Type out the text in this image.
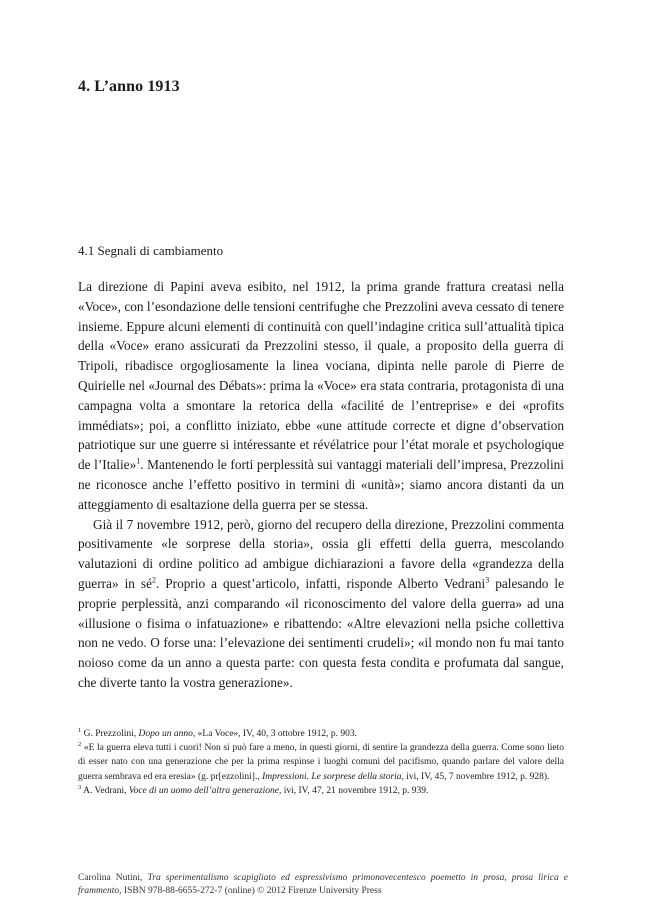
4. L’anno 1913
4.1 Segnali di cambiamento

La direzione di Papini aveva esibito, nel 1912, la prima grande frattura creatasi nella «Voce», con l’esondazione delle tensioni centrifughe che Prezzolini aveva cessato di tenere insieme. Eppure alcuni elementi di continuità con quell’indagine critica sull’attualità tipica della «Voce» erano assicurati da Prezzolini stesso, il quale, a proposito della guerra di Tripoli, ribadisce orgogliosamente la linea vociana, dipinta nelle parole di Pierre de Quirielle nel «Journal des Débats»: prima la «Voce» era stata contraria, protagonista di una campagna volta a smontare la retorica della «facilité de l’entreprise» e dei «profits immédiats»; poi, a conflitto iniziato, ebbe «une attitude correcte et digne d’observation patriotique sur une guerre si intéressante et révélatrice pour l’état morale et psychologique de l’Italie»$^1$. Mantenendo le forti perplessità sui vantaggi materiali dell’impresa, Prezzolini ne riconosce anche l’effetto positivo in termini di «unità»; siamo ancora distanti da un atteggiamento di esaltazione della guerra per se stessa.

Già il 7 novembre 1912, però, giorno del recupero della direzione, Prezzolini commenta positivamente «le sorprese della storia», ossia gli effetti della guerra, mescolando valutazioni di ordine politico ad ambigue dichiarazioni a favore della «grandezza della guerra» in $sé^2$. Proprio a quest’articolo, infatti, risponde Alberto Vedrani$^3$ palesando le proprie perplessità, anzi comparando «il riconoscimento del valore della guerra» ad una «illusione o fisima o infatuazione» e ribattendo: «Altre elevazioni nella psiche collettiva non ne vedo. O forse una: l’elevazione dei sentimenti crudeli»; «il mondo non fu mai tanto noioso come da un anno a questa parte: con questa festa condita e profumata dal sangue, che diverte tanto la vostra generazione».

$^1$ G. Prezzolini, Dopo un anno, «La Voce», IV, 40, 3 ottobre 1912, p. 903.

$^2$ «E la guerra eleva tutti i cuori! Non si può fare a meno, in questi giorni, di sentire la grandezza della guerra. Come sono lieto di esser nato con una generazione che per la prima respinse i luoghi comuni del pacifismo, quando parlare del valore della guerra sembrava ed era eresia» (g. pr[ezzolini]., Impressioni. Le sorprese della storia, ivi, IV, 45, 7 novembre 1912, p. 928).

$^3$ A. Vedrani, Voce di un uomo dell’altra generazione, ivi, IV, 47, 21 novembre 1912, p. 939.

Carolina Nutini, Tra sperimentalismo scapigliato ed espressivismo primonovecentesco poemetto in prosa, prosa lirica e frammento, ISBN 978-88-6655-272-7 (online) © 2012 Firenze University Press
